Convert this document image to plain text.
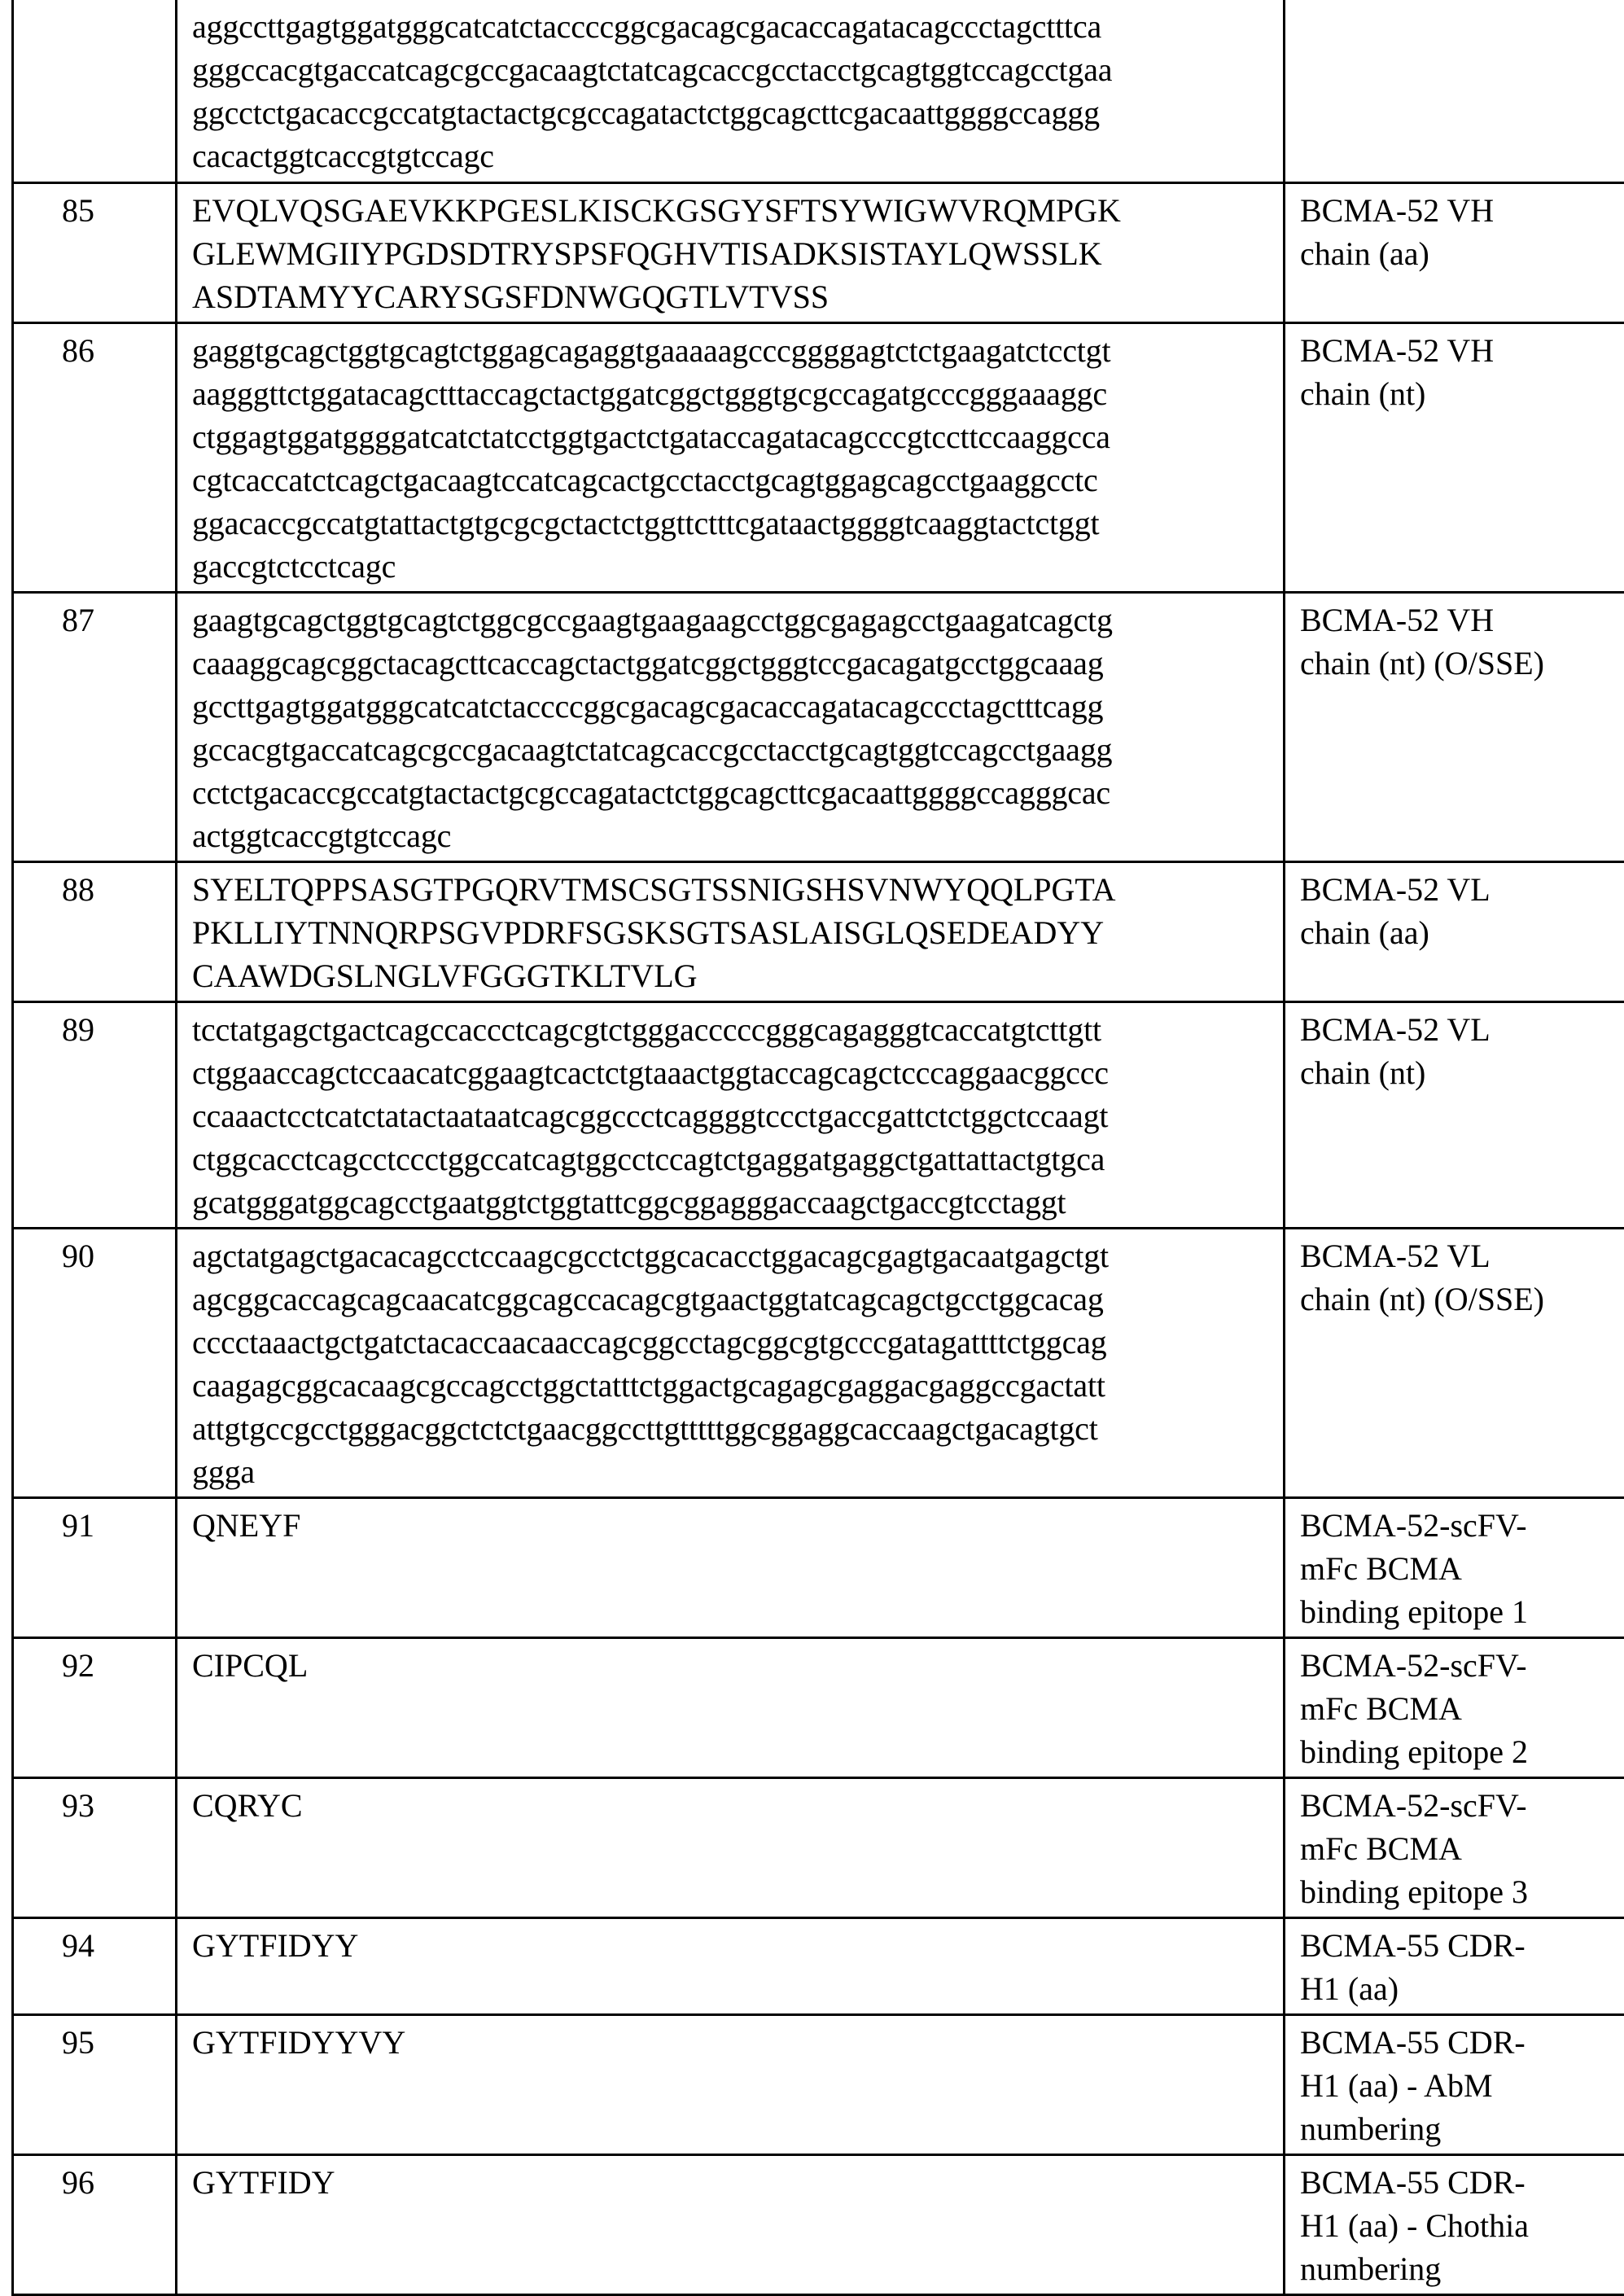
aggccttgagtggatgggcatcatctaccccggcgacagcgacaccagatacagccctagctttca
gggccacgtgaccatcagcgccgacaagtctatcagcaccgcctacctgcagtggtccagcctgaa
ggcctctgacaccgccatgtactactgcgccagatactctggcagcttcgacaattggggccaggg
cacactggtcaccgtgtccagc

85	EVQLVQSGAEVKKPGESLKISCKGSGYSFTSYWIGWVRQMPGK
GLEWMGIIYPGDSDTRYSPSFQGHVTISADKSISTAYLQWSSLK
ASDTAMYYCARYSGSFDNWGQGTLVTVSS

BCMA-52 VH
chain (aa)

86	gaggtgcagctggtgcagtctggagcagaggtgaaaaagcccggggagtctctgaagatctcctgt
aagggttctggatacagctttaccagctactggatcggctgggtgcgccagatgcccgggaaaggc
ctggagtggatggggatcatctatcctggtgactctgataccagatacagcccgtccttccaaggcca
cgtcaccatctcagctgacaagtccatcagcactgcctacctgcagtggagcagcctgaaggcctc
ggacaccgccatgtattactgtgcgcgctactctggttctttcgataactggggtcaaggtactctggt
gaccgtctcctcagc

BCMA-52 VH
chain (nt)

87	gaagtgcagctggtgcagtctggcgccgaagtgaagaagcctggcgagagcctgaagatcagctg
caaaggcagcggctacagcttcaccagctactggatcggctgggtccgacagatgcctggcaaag
gccttgagtggatgggcatcatctaccccggcgacagcgacaccagatacagccctagctttcagg
gccacgtgaccatcagcgccgacaagtctatcagcaccgcctacctgcagtggtccagcctgaagg
cctctgacaccgccatgtactactgcgccagatactctggcagcttcgacaattggggccagggcac
actggtcaccgtgtccagc

BCMA-52 VH
chain (nt) (O/SSE)

88	SYELTQPPSASGTPGQRVTMSCSGTSSNIGSHSVNWYQQLPGTA
PKLLIYTNNQRPSGVPDRFSGSKSGTSASLAISGLQSEDEADYY
CAAWDGSLNGLVFGGGTKLTVLG

BCMA-52 VL
chain (aa)

89	tcctatgagctgactcagccaccctcagcgtctgggacccccgggcagagggtcaccatgtcttgtt
ctggaaccagctccaacatcggaagtcactctgtaaactggtaccagcagctcccaggaacggccc
ccaaactcctcatctatactaataatcagcggccctcaggggtccctgaccgattctctggctccaagt
ctggcacctcagcctccctggccatcagtggcctccagtctgaggatgaggctgattattactgtgca
gcatgggatggcagcctgaatggtctggtattcggcggagggaccaagctgaccgtcctaggt

BCMA-52 VL
chain (nt)

90	agctatgagctgacacagcctccaagcgcctctggcacacctggacagcgagtgacaatgagctgt
agcggcaccagcagcaacatcggcagccacagcgtgaactggtatcagcagctgcctggcacag
cccctaaactgctgatctacaccaacaaccagcggcctagcggcgtgcccgatagattttctggcag
caagagcggcacaagcgccagcctggctatttctggactgcagagcgaggacgaggccgactatt
attgtgccgcctgggacggctctctgaacggccttgtttttggcggaggcaccaagctgacagtgct
ggga

BCMA-52 VL
chain (nt) (O/SSE)

91	QNEYF	BCMA-52-scFV-
mFc BCMA
binding epitope 1

92	CIPCQL	BCMA-52-scFV-
mFc BCMA
binding epitope 2

93	CQRYC	BCMA-52-scFV-
mFc BCMA
binding epitope 3

94	GYTFIDYY	BCMA-55 CDR-
H1 (aa)

95	GYTFIDYYVY	BCMA-55 CDR-
H1 (aa) - AbM
numbering

96	GYTFIDY	BCMA-55 CDR-
H1 (aa) - Chothia
numbering
